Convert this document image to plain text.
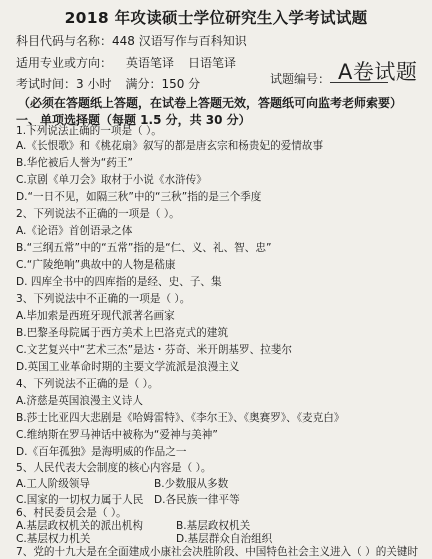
2018 年攻读硕士学位研究生入学考试试题
科目代码与名称：448 汉语写作与百科知识
适用专业或方向： 英语笔译 日语笔译
考试时间：3 小时 满分：150 分	试题编号： A卷试题
（必须在答题纸上答题，在试卷上答题无效，答题纸可向监考老师索要）
一、单项选择题（每题 1.5 分，共 30 分）
1.下列说法正确的一项是（ ）。
A.《长恨歌》和《桃花扇》叙写的都是唐玄宗和杨贵妃的爱情故事
B.华佗被后人誉为“药王”
C.京剧《单刀会》取材于小说《水浒传》
D.“一日不见，如隔三秋”中的“三秋”指的是三个季度
2、下列说法不正确的一项是（ ）。
A.《论语》首创语录之体
B.“三纲五常”中的“五常”指的是“仁、义、礼、智、忠”
C.“广陵绝响”典故中的人物是嵇康
D. 四库全书中的四库指的是经、史、子、集
3、下列说法中不正确的一项是（ ）。
A.毕加索是西班牙现代派著名画家
B.巴黎圣母院属于西方美术上巴洛克式的建筑
C.文艺复兴中“艺术三杰”是达・芬奇、米开朗基罗、拉斐尔
D.英国工业革命时期的主要文学流派是浪漫主义
4、下列说法不正确的是（ ）。
A.济慈是英国浪漫主义诗人
B.莎士比亚四大悲剧是《哈姆雷特》、《李尔王》、《奥赛罗》、《麦克白》
C.维纳斯在罗马神话中被称为“爱神与美神”
D.《百年孤独》是海明威的作品之一
5、人民代表大会制度的核心内容是（ ）。
A.工人阶级领导	B.少数服从多数
C.国家的一切权力属于人民 D.各民族一律平等
6、村民委员会是（ ）。
A.基层政权机关的派出机构	B.基层政权机关
C.基层权力机关	D.基层群众自治组织
7、党的十九大是在全面建成小康社会决胜阶段、中国特色社会主义进入（ ）的关键时
